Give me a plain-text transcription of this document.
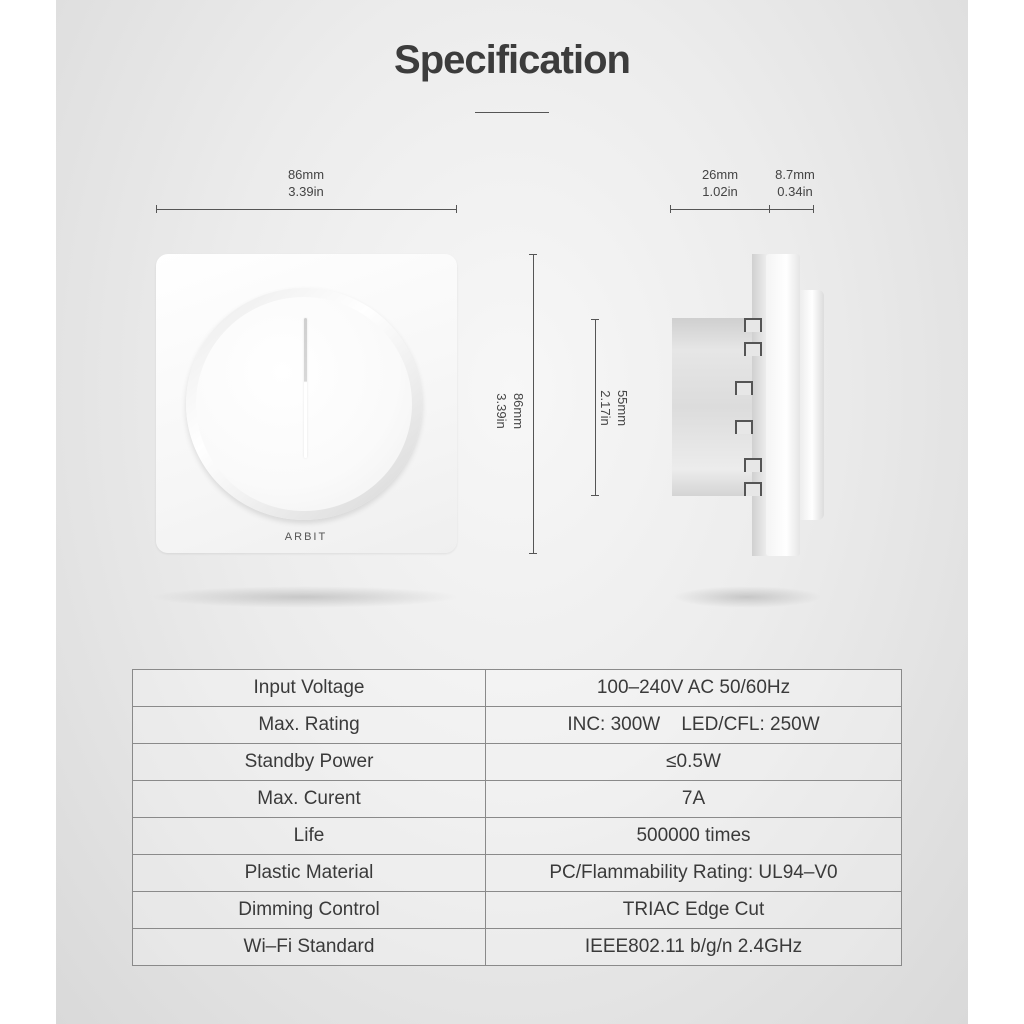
Specification
86mm
3.39in
86mm
3.39in	55mm
2.17in
26mm
1.02in
8.7mm
0.34in
ARBIT
Input Voltage	100–240V AC 50/60Hz
Max. Rating	INC: 300W    LED/CFL: 250W
Standby Power	≤0.5W
Max. Curent	7A
Life	500000 times
Plastic Material	PC/Flammability Rating: UL94–V0
Dimming Control	TRIAC Edge Cut
Wi–Fi Standard	IEEE802.11 b/g/n 2.4GHz
